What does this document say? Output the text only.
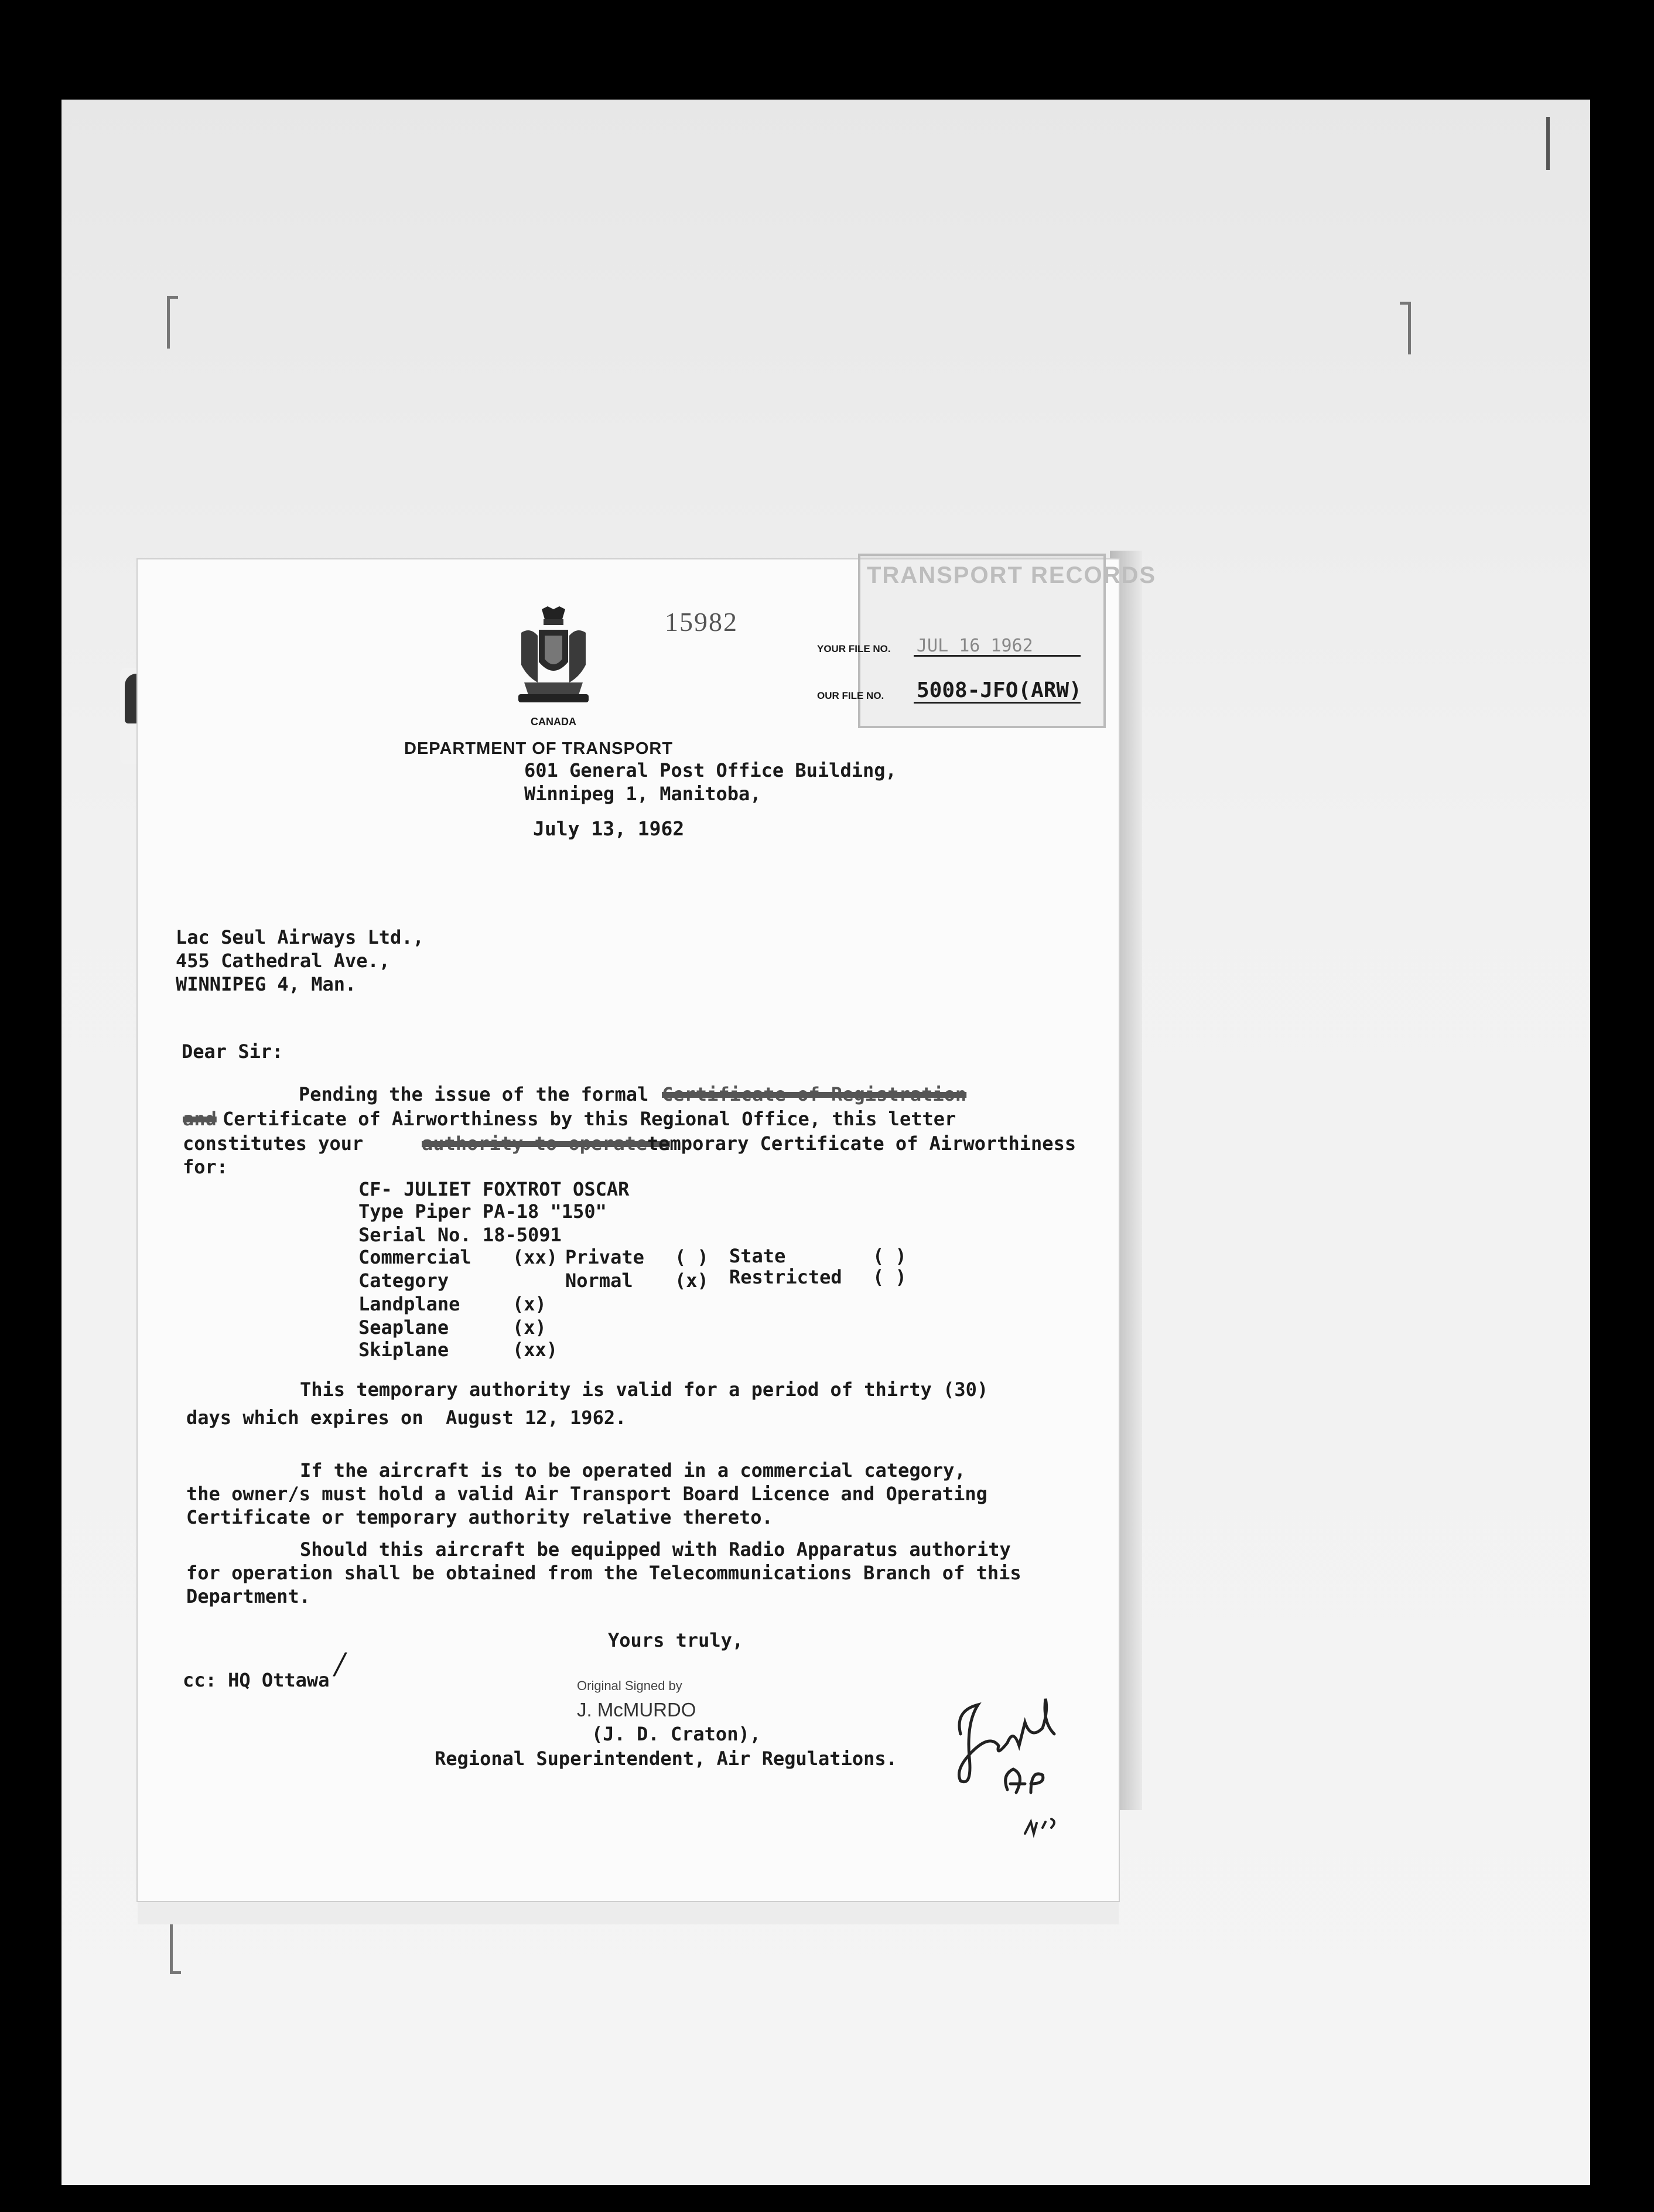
TRANSPORT RECORDS
CANADA
15982
DEPARTMENT OF TRANSPORT
YOUR FILE NO. JUL 16 1962
OUR FILE NO. 5008-JFO(ARW)
601 General Post Office Building,
Winnipeg 1, Manitoba,
July 13, 1962
Lac Seul Airways Ltd.,
455 Cathedral Ave.,
WINNIPEG 4, Man.
Dear Sir:
Pending the issue of the formal Certificate of Registration
and Certificate of Airworthiness by this Regional Office, this letter
constitutes your	authority to operate a
temporary Certificate of Airworthiness
for:
CF- JULIET FOXTROT OSCAR
Type Piper PA-18 "150"
Serial No. 18-5091
Commercial (xx) Private ( ) State	( )
Category	Normal (x) Restricted ( )
Landplane	(x)
Seaplane	(x)
Skiplane	(xx)
This temporary authority is valid for a period of thirty (30)
days which expires on  August 12, 1962.
If the aircraft is to be operated in a commercial category,
the owner/s must hold a valid Air Transport Board Licence and Operating
Certificate or temporary authority relative thereto.
Should this aircraft be equipped with Radio Apparatus authority
for operation shall be obtained from the Telecommunications Branch of this
Department.
Yours truly,
cc: HQ Ottawa /
Original Signed by
J. McMURDO
(J. D. Craton),
Regional Superintendent, Air Regulations.
